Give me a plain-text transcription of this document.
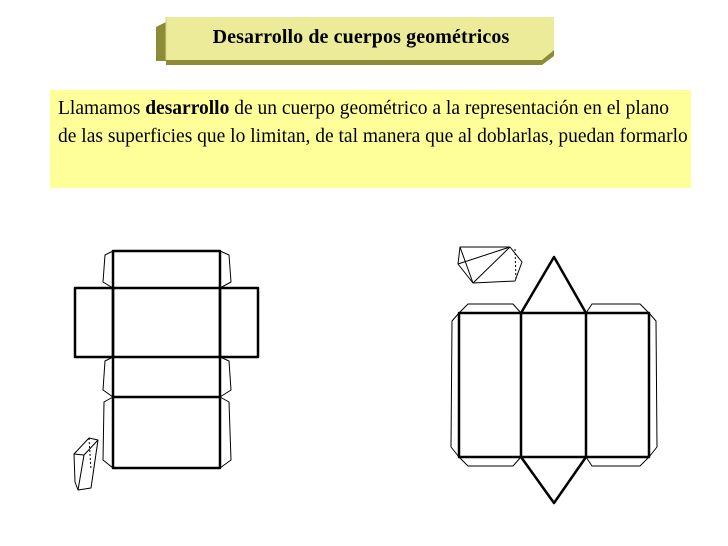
Desarrollo de cuerpos geométricos
Llamamos desarrollo de un cuerpo geométrico a la representación en el plano de las superficies que lo limitan, de tal manera que al doblarlas, puedan formarlo
